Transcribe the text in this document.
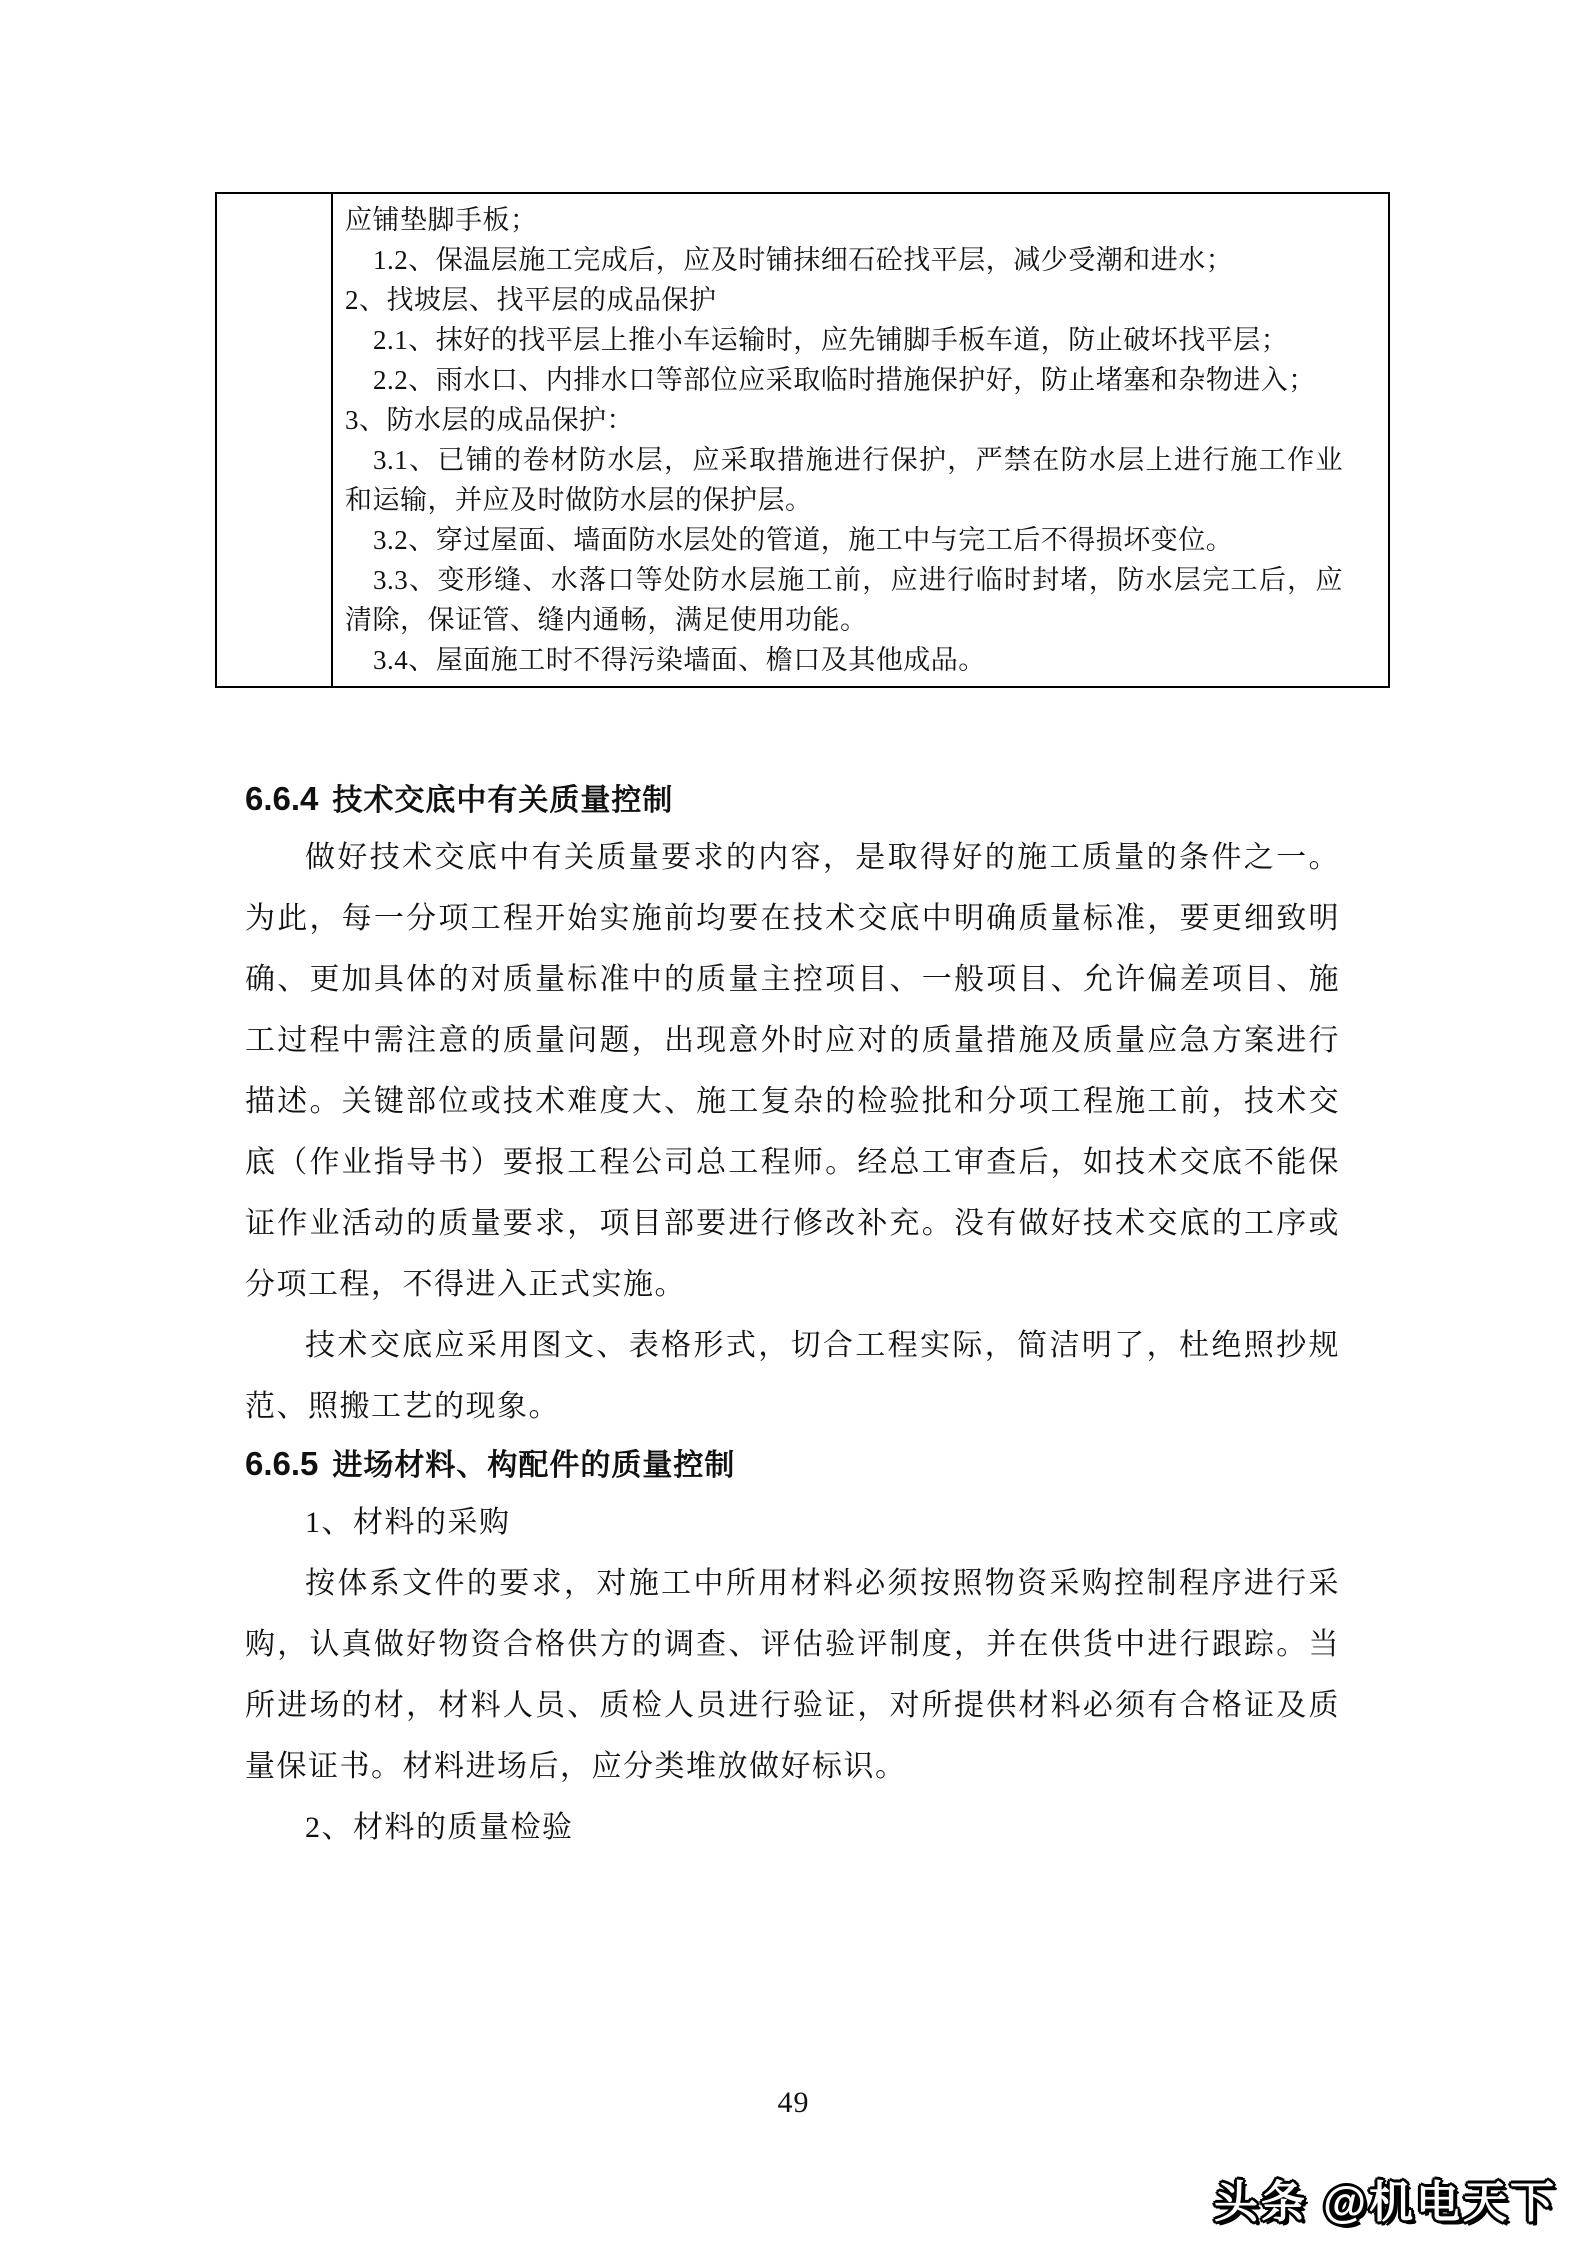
应铺垫脚手板；

1.2、保温层施工完成后，应及时铺抹细石砼找平层，减少受潮和进水；

2、找坡层、找平层的成品保护

2.1、抹好的找平层上推小车运输时，应先铺脚手板车道，防止破坏找平层；

2.2、雨水口、内排水口等部位应采取临时措施保护好，防止堵塞和杂物进入；

3、防水层的成品保护：

3.1、已铺的卷材防水层，应采取措施进行保护，严禁在防水层上进行施工作业和运输，并应及时做防水层的保护层。

3.2、穿过屋面、墙面防水层处的管道，施工中与完工后不得损坏变位。

3.3、变形缝、水落口等处防水层施工前，应进行临时封堵，防水层完工后，应清除，保证管、缝内通畅，满足使用功能。

3.4、屋面施工时不得污染墙面、檐口及其他成品。

6.6.4 技术交底中有关质量控制

做好技术交底中有关质量要求的内容，是取得好的施工质量的条件之一。为此，每一分项工程开始实施前均要在技术交底中明确质量标准，要更细致明确、更加具体的对质量标准中的质量主控项目、一般项目、允许偏差项目、施工过程中需注意的质量问题，出现意外时应对的质量措施及质量应急方案进行描述。关键部位或技术难度大、施工复杂的检验批和分项工程施工前，技术交底（作业指导书）要报工程公司总工程师。经总工审查后，如技术交底不能保证作业活动的质量要求，项目部要进行修改补充。没有做好技术交底的工序或分项工程，不得进入正式实施。

技术交底应采用图文、表格形式，切合工程实际，简洁明了，杜绝照抄规范、照搬工艺的现象。

6.6.5 进场材料、构配件的质量控制

1、材料的采购

按体系文件的要求，对施工中所用材料必须按照物资采购控制程序进行采购，认真做好物资合格供方的调查、评估验评制度，并在供货中进行跟踪。当所进场的材，材料人员、质检人员进行验证，对所提供材料必须有合格证及质量保证书。材料进场后，应分类堆放做好标识。

2、材料的质量检验

49
头条 @机电天下
